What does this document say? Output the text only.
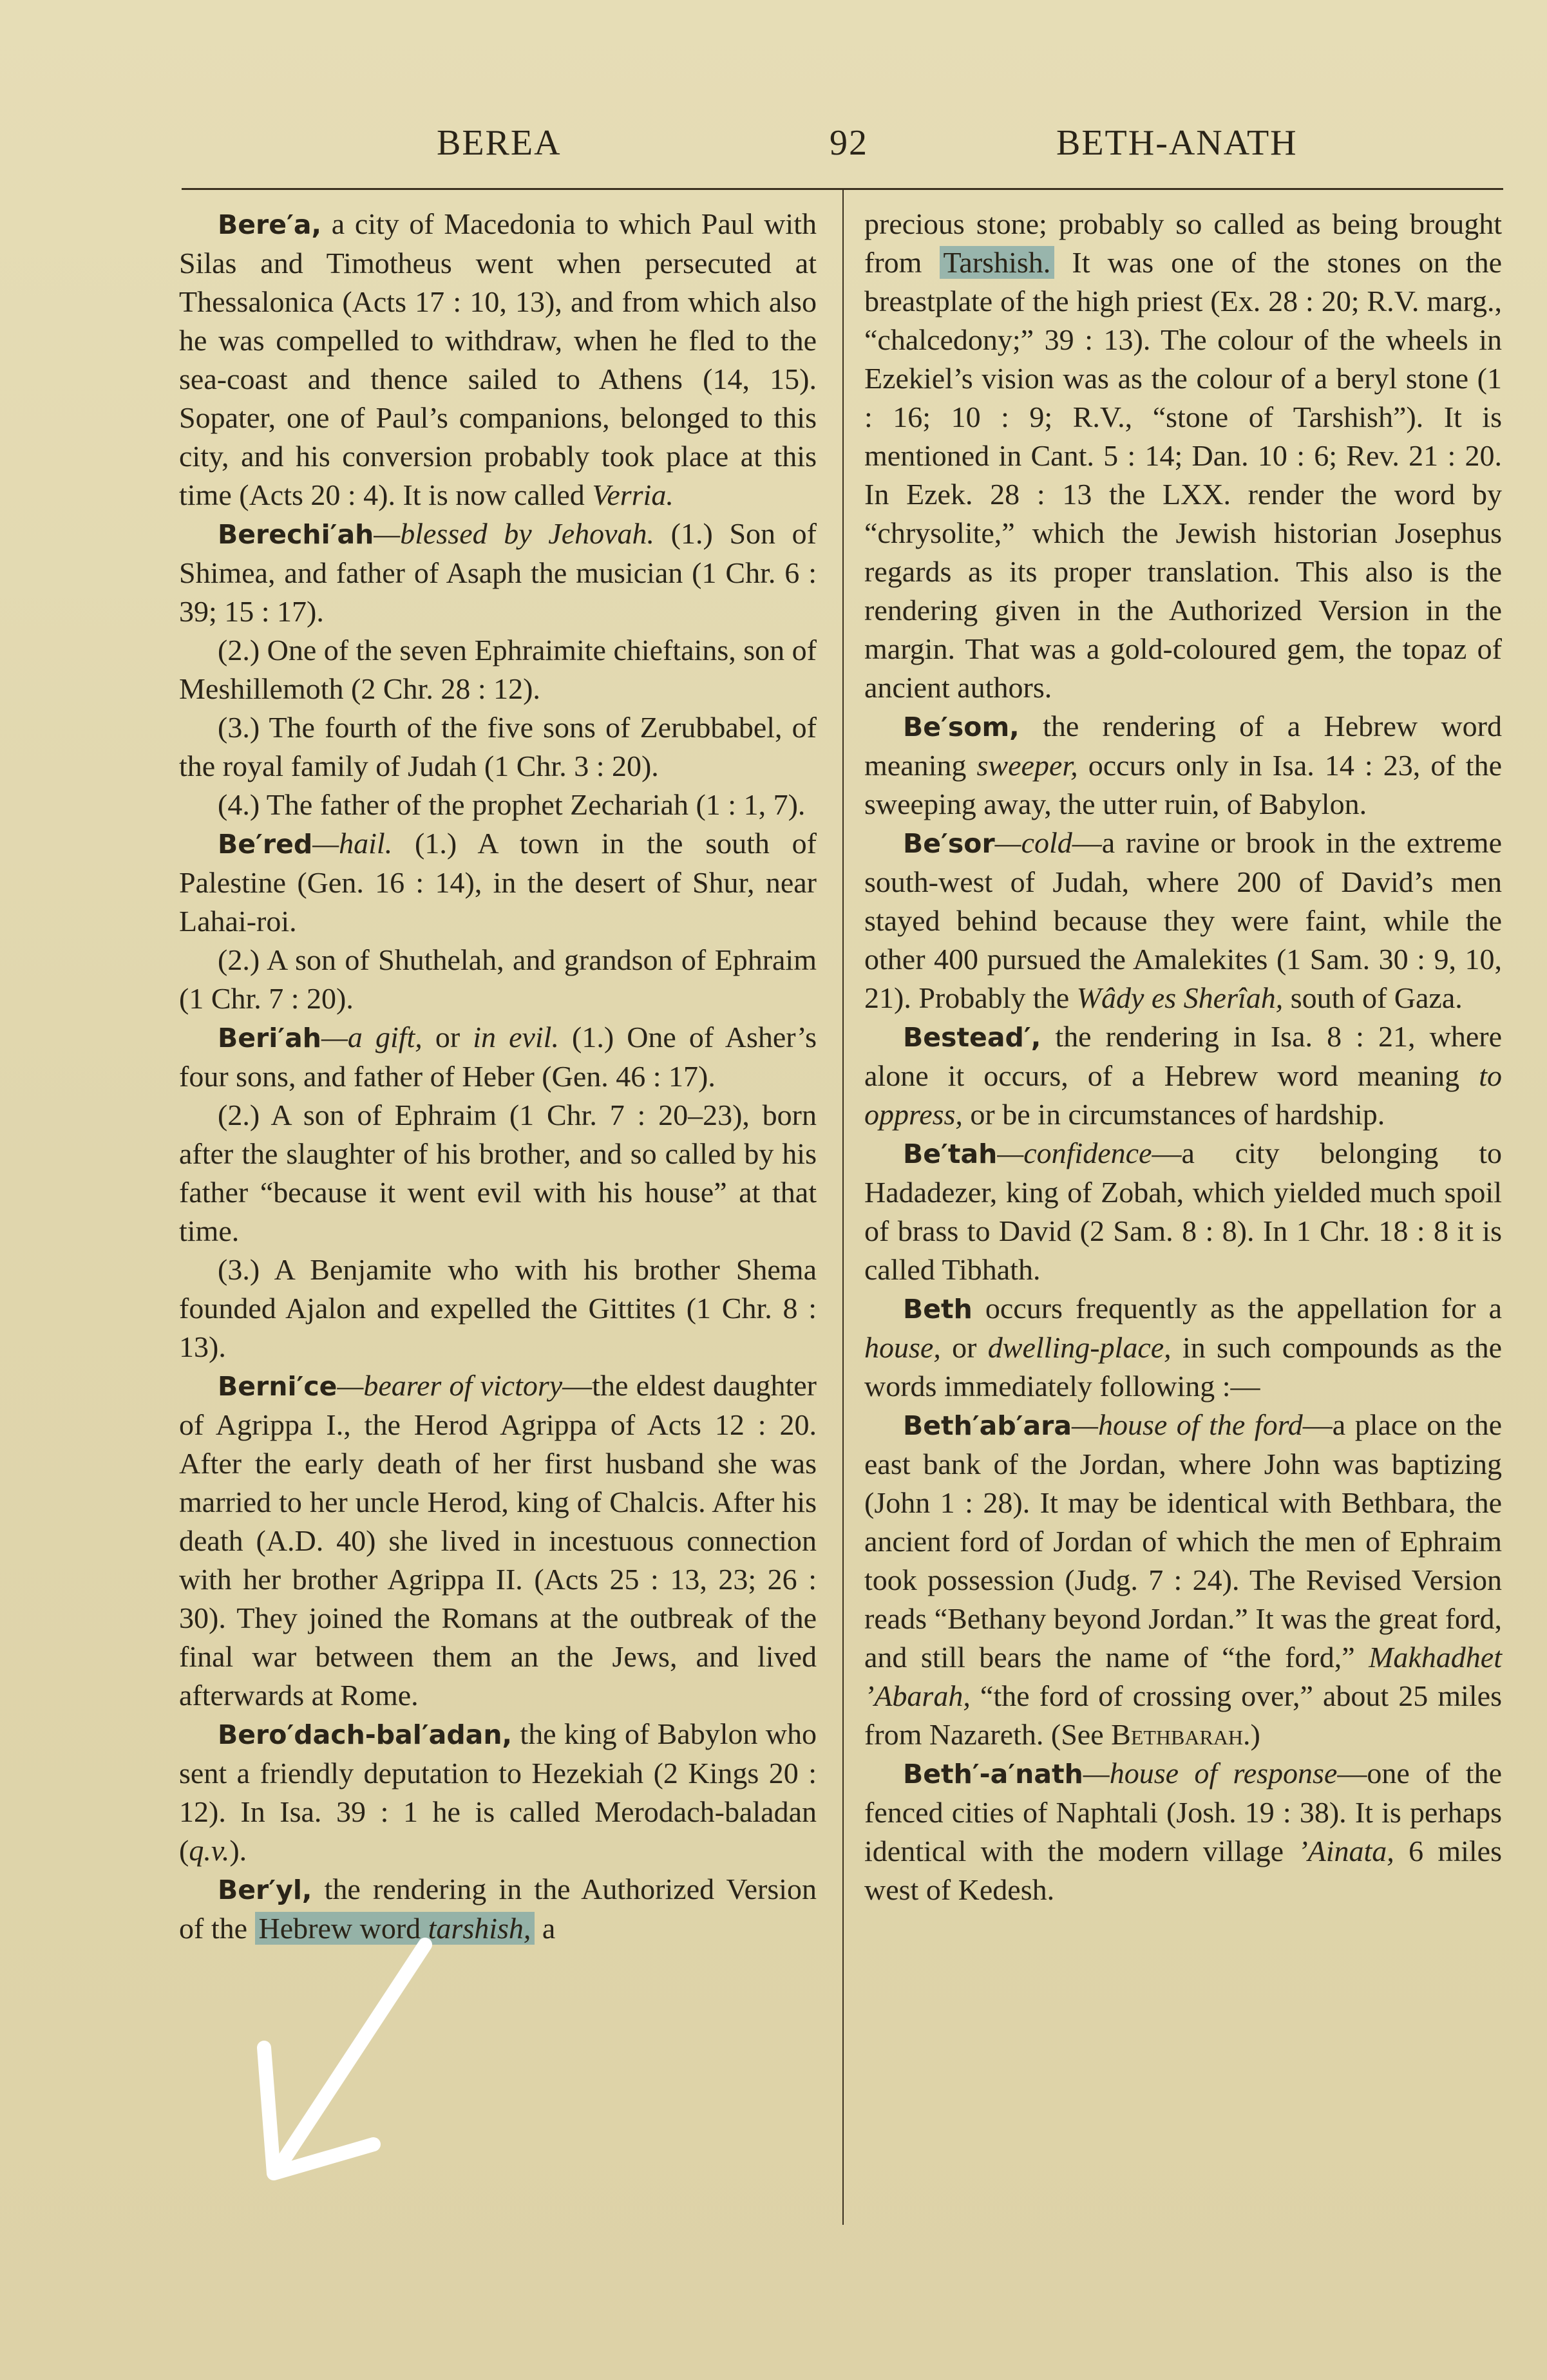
BEREA	92	BETH-ANATH

Bere′a, a city of Macedonia to which Paul with Silas and Timotheus went when persecuted at Thessalonica (Acts 17 : 10, 13), and from which also he was compelled to withdraw, when he fled to the sea-coast and thence sailed to Athens (14, 15). Sopater, one of Paul’s companions, belonged to this city, and his conversion probably took place at this time (Acts 20 : 4). It is now called Verria.

Berechi′ah—blessed by Jehovah. (1.) Son of Shimea, and father of Asaph the musician (1 Chr. 6 : 39; 15 : 17).

(2.) One of the seven Ephraimite chieftains, son of Meshillemoth (2 Chr. 28 : 12).

(3.) The fourth of the five sons of Zerubbabel, of the royal family of Judah (1 Chr. 3 : 20).

(4.) The father of the prophet Zechariah (1 : 1, 7).

Be′red—hail. (1.) A town in the south of Palestine (Gen. 16 : 14), in the desert of Shur, near Lahai-roi.

(2.) A son of Shuthelah, and grandson of Ephraim (1 Chr. 7 : 20).

Beri′ah—a gift, or in evil. (1.) One of Asher’s four sons, and father of Heber (Gen. 46 : 17).

(2.) A son of Ephraim (1 Chr. 7 : 20–23), born after the slaughter of his brother, and so called by his father “because it went evil with his house” at that time.

(3.) A Benjamite who with his brother Shema founded Ajalon and expelled the Gittites (1 Chr. 8 : 13).

Berni′ce—bearer of victory—the eldest daughter of Agrippa I., the Herod Agrippa of Acts 12 : 20. After the early death of her first husband she was married to her uncle Herod, king of Chalcis. After his death (A.D. 40) she lived in incestuous connection with her brother Agrippa II. (Acts 25 : 13, 23; 26 : 30). They joined the Romans at the outbreak of the final war between them an the Jews, and lived afterwards at Rome.

Bero′dach-bal′adan, the king of Babylon who sent a friendly deputation to Hezekiah (2 Kings 20 : 12). In Isa. 39 : 1 he is called Merodach-baladan (q.v.).

Ber′yl, the rendering in the Authorized Version of the Hebrew word tarshish, a

precious stone; probably so called as being brought from Tarshish. It was one of the stones on the breastplate of the high priest (Ex. 28 : 20; R.V. marg., “chalcedony;” 39 : 13). The colour of the wheels in Ezekiel’s vision was as the colour of a beryl stone (1 : 16; 10 : 9; R.V., “stone of Tarshish”). It is mentioned in Cant. 5 : 14; Dan. 10 : 6; Rev. 21 : 20. In Ezek. 28 : 13 the LXX. render the word by “chrysolite,” which the Jewish historian Josephus regards as its proper translation. This also is the rendering given in the Authorized Version in the margin. That was a gold-coloured gem, the topaz of ancient authors.

Be′som, the rendering of a Hebrew word meaning sweeper, occurs only in Isa. 14 : 23, of the sweeping away, the utter ruin, of Babylon.

Be′sor—cold—a ravine or brook in the extreme south-west of Judah, where 200 of David’s men stayed behind because they were faint, while the other 400 pursued the Amalekites (1 Sam. 30 : 9, 10, 21). Probably the Wâdy es Sherîah, south of Gaza.

Bestead′, the rendering in Isa. 8 : 21, where alone it occurs, of a Hebrew word meaning to oppress, or be in circumstances of hardship.

Be′tah—confidence—a city belonging to Hadadezer, king of Zobah, which yielded much spoil of brass to David (2 Sam. 8 : 8). In 1 Chr. 18 : 8 it is called Tibhath.

Beth occurs frequently as the appellation for a house, or dwelling-place, in such compounds as the words immediately following :—

Beth′ab′ara—house of the ford—a place on the east bank of the Jordan, where John was baptizing (John 1 : 28). It may be identical with Bethbara, the ancient ford of Jordan of which the men of Ephraim took possession (Judg. 7 : 24). The Revised Version reads “Bethany beyond Jordan.” It was the great ford, and still bears the name of “the ford,” Makhadhet ’Abarah, “the ford of crossing over,” about 25 miles from Nazareth. (See Bethbarah.)

Beth′-a′nath—house of response—one of the fenced cities of Naphtali (Josh. 19 : 38). It is perhaps identical with the modern village ’Ainata, 6 miles west of Kedesh.
